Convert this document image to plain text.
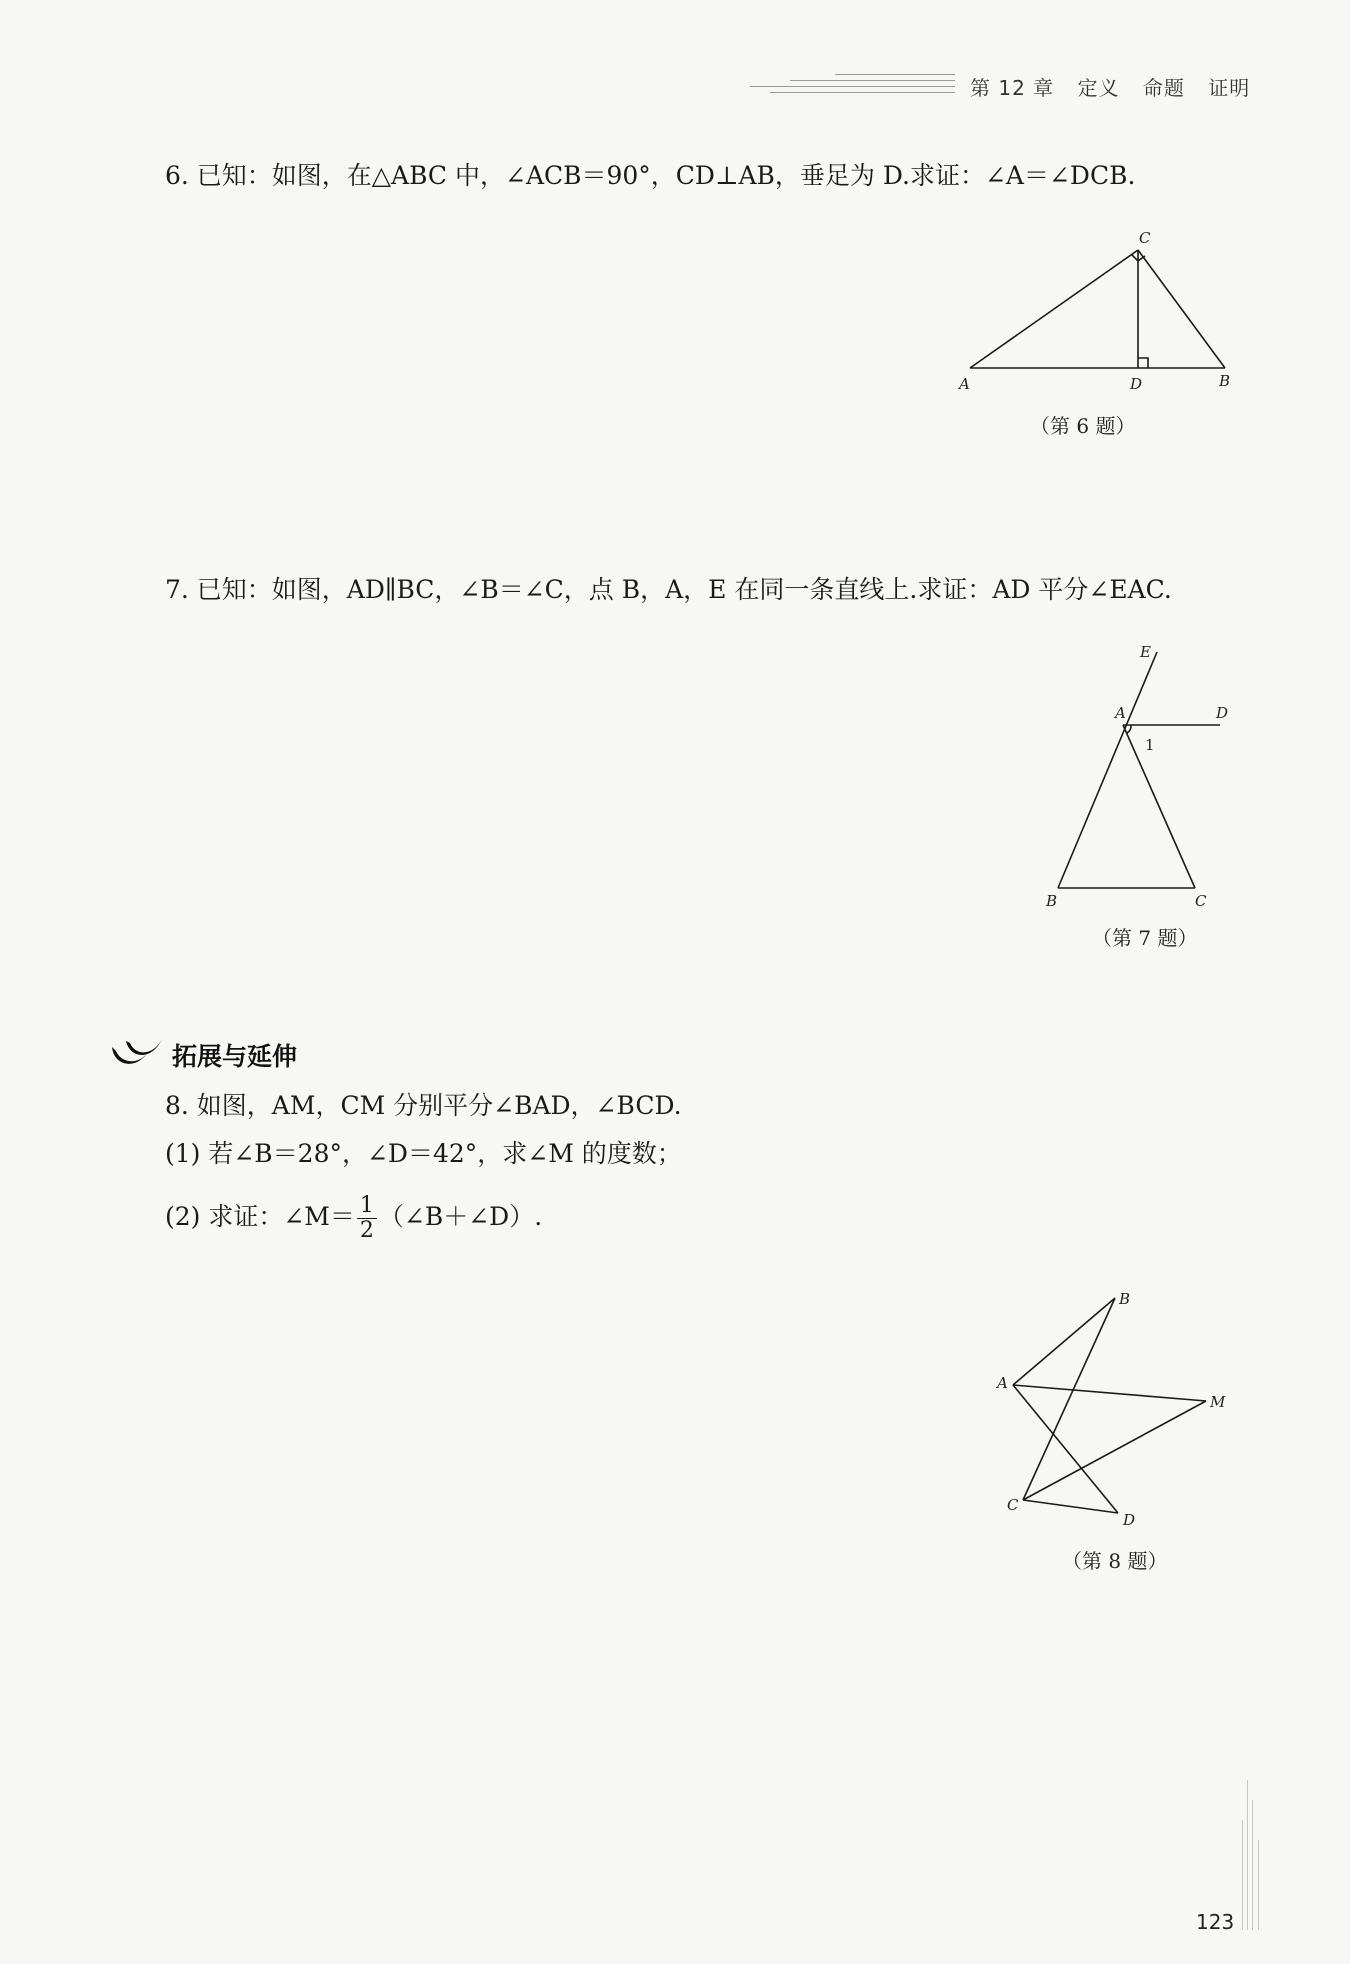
第 12 章 定义 命题 证明
6. 已知：如图，在△ABC 中，∠ACB＝90°，CD⊥AB，垂足为 D.求证：∠A＝∠DCB.
C
A	D	B
（第 6 题）
7. 已知：如图，AD∥BC，∠B＝∠C，点 B，A，E 在同一条直线上.求证：AD 平分∠EAC.
E
A	D
1
B	C
（第 7 题）
拓展与延伸
8. 如图，AM，CM 分别平分∠BAD，∠BCD.
(1) 若∠B＝28°，∠D＝42°，求∠M 的度数；
(2) 求证：∠M＝ $\frac{1}{2}$ （∠B＋∠D）.
B
A
M
C
D
（第 8 题）
123
